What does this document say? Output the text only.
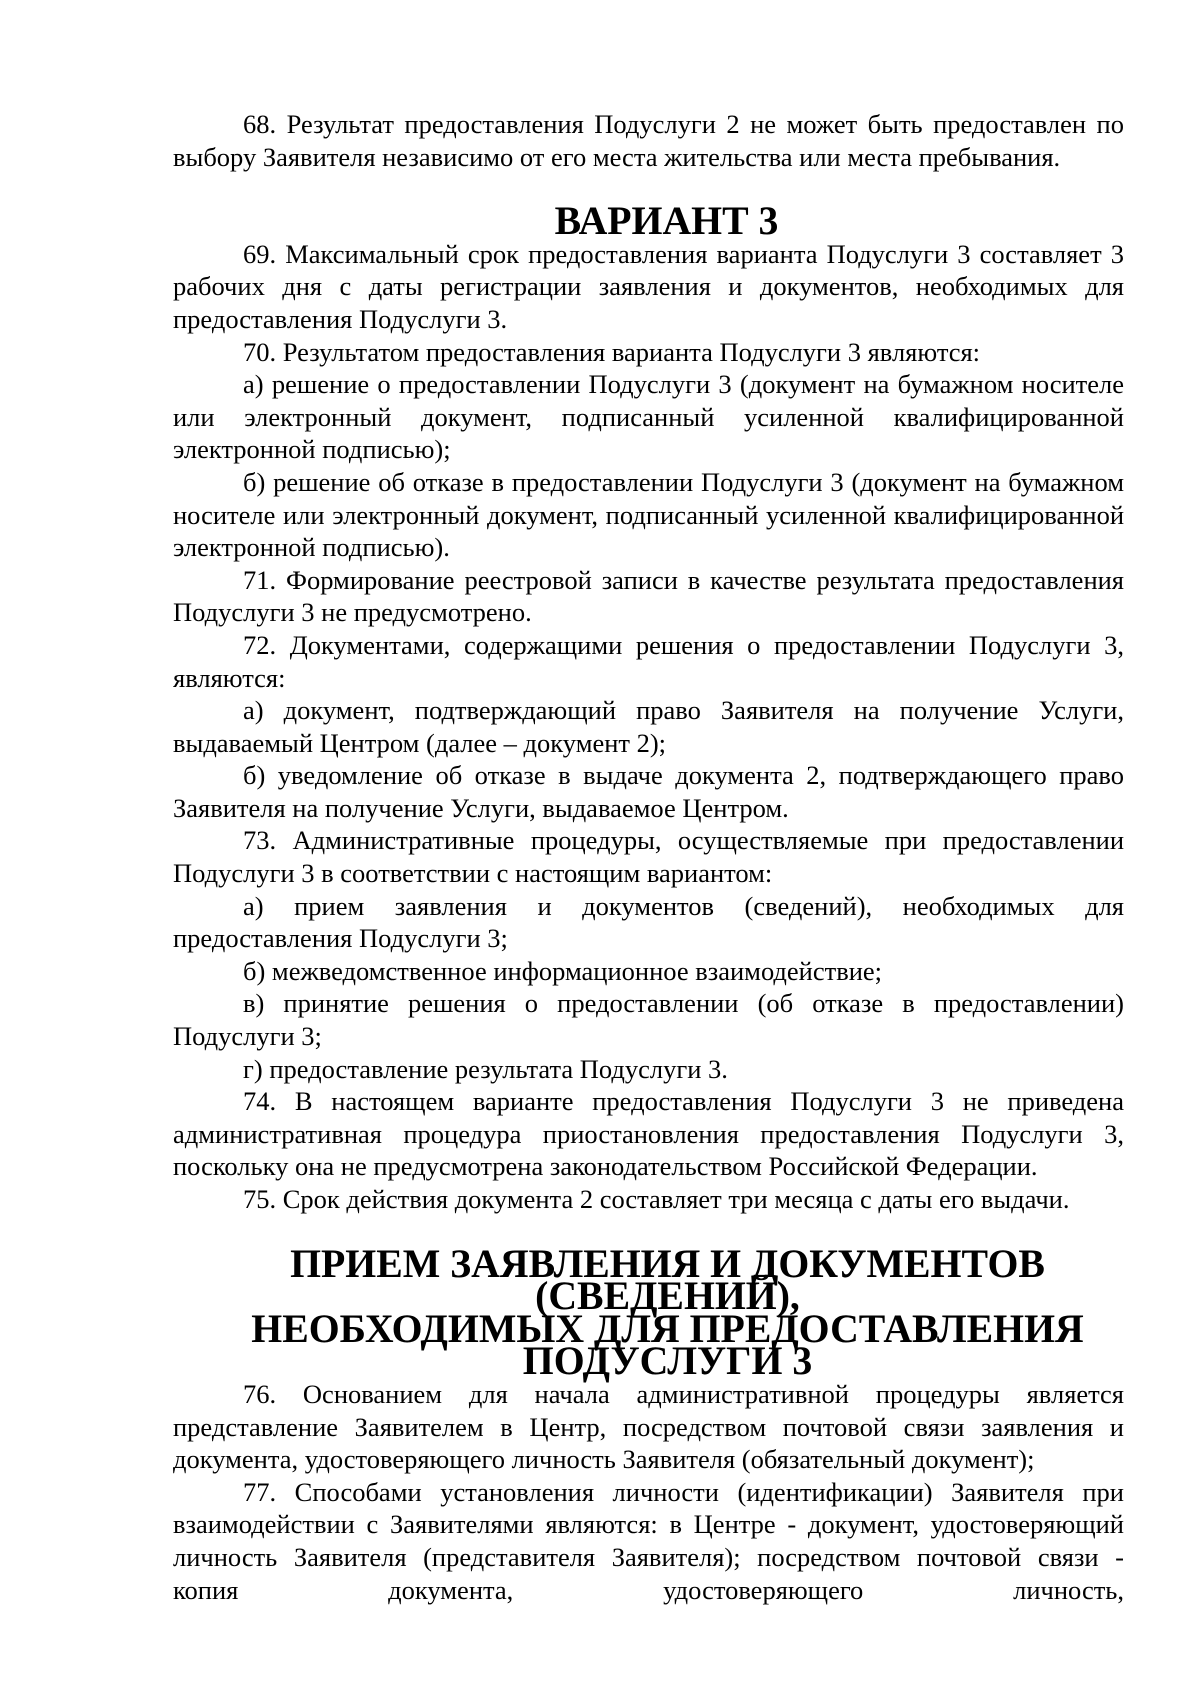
68. Результат предоставления Подуслуги 2 не может быть предоставлен по выбору Заявителя независимо от его места жительства или места пребывания.

ВАРИАНТ 3

69. Максимальный срок предоставления варианта Подуслуги 3 составляет 3 рабочих дня с даты регистрации заявления и документов, необходимых для предоставления Подуслуги 3.

70. Результатом предоставления варианта Подуслуги 3 являются:

а) решение о предоставлении Подуслуги 3 (документ на бумажном носителе или электронный документ, подписанный усиленной квалифицированной электронной подписью);

б) решение об отказе в предоставлении Подуслуги 3 (документ на бумажном носителе или электронный документ, подписанный усиленной квалифицированной электронной подписью).

71. Формирование реестровой записи в качестве результата предоставления Подуслуги 3 не предусмотрено.

72. Документами, содержащими решения о предоставлении Подуслуги 3, являются:

а) документ, подтверждающий право Заявителя на получение Услуги, выдаваемый Центром (далее – документ 2);

б) уведомление об отказе в выдаче документа 2, подтверждающего право Заявителя на получение Услуги, выдаваемое Центром.

73. Административные процедуры, осуществляемые при предоставлении Подуслуги 3 в соответствии с настоящим вариантом:

а) прием заявления и документов (сведений), необходимых для предоставления Подуслуги 3;

б) межведомственное информационное взаимодействие;

в) принятие решения о предоставлении (об отказе в предоставлении) Подуслуги 3;

г) предоставление результата Подуслуги 3.

74. В настоящем варианте предоставления Подуслуги 3 не приведена административная процедура приостановления предоставления Подуслуги 3, поскольку она не предусмотрена законодательством Российской Федерации.

75. Срок действия документа 2 составляет три месяца с даты его выдачи.

ПРИЕМ ЗАЯВЛЕНИЯ И ДОКУМЕНТОВ (СВЕДЕНИЙ),
НЕОБХОДИМЫХ ДЛЯ ПРЕДОСТАВЛЕНИЯ ПОДУСЛУГИ 3

76. Основанием для начала административной процедуры является представление Заявителем в Центр, посредством почтовой связи заявления и документа, удостоверяющего личность Заявителя (обязательный документ);

77. Способами установления личности (идентификации) Заявителя при взаимодействии с Заявителями являются: в Центре - документ, удостоверяющий личность Заявителя (представителя Заявителя); посредством почтовой связи - копия документа, удостоверяющего личность,
